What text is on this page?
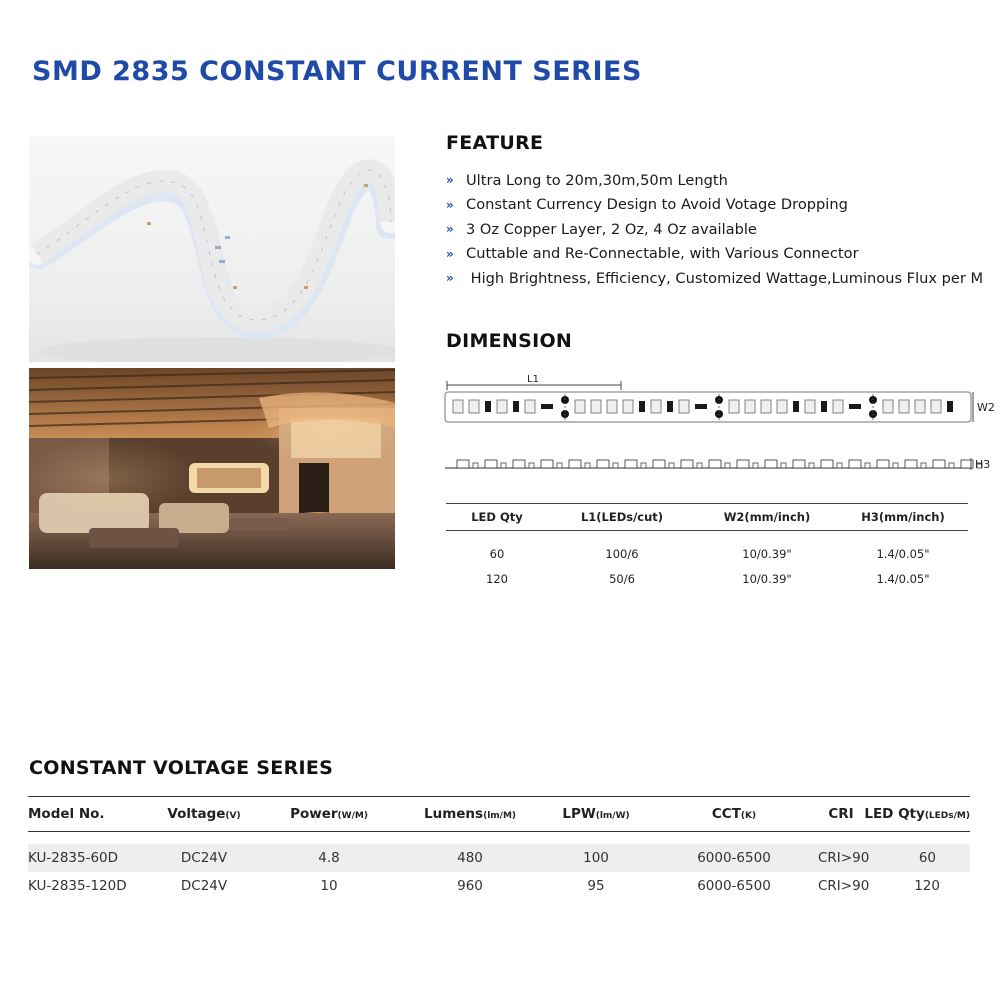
SMD 2835 CONSTANT CURRENT SERIES
FEATURE
» Ultra Long to 20m,30m,50m Length
» Constant Currency Design to Avoid Votage Dropping
» 3 Oz Copper Layer, 2 Oz, 4 Oz available
» Cuttable and Re-Connectable, with Various Connector
» High Brightness, Efficiency, Customized Wattage,Luminous Flux per M
DIMENSION
L1
W2
H3
LED Qty	L1(LEDs/cut)	W2(mm/inch)	H3(mm/inch)
60	100/6	10/0.39"	1.4/0.05"
120	50/6	10/0.39"	1.4/0.05"
CONSTANT VOLTAGE SERIES
Model No.	Voltage(V)	Power(W/M)	Lumens(lm/M)	LPW(lm/W)	CCT(K)	CRI LED Qty(LEDs/M)
KU-2835-60D	DC24V	4.8	480	100	6000-6500	CRI>90	60
KU-2835-120D	DC24V	10	960	95	6000-6500	CRI>90	120
